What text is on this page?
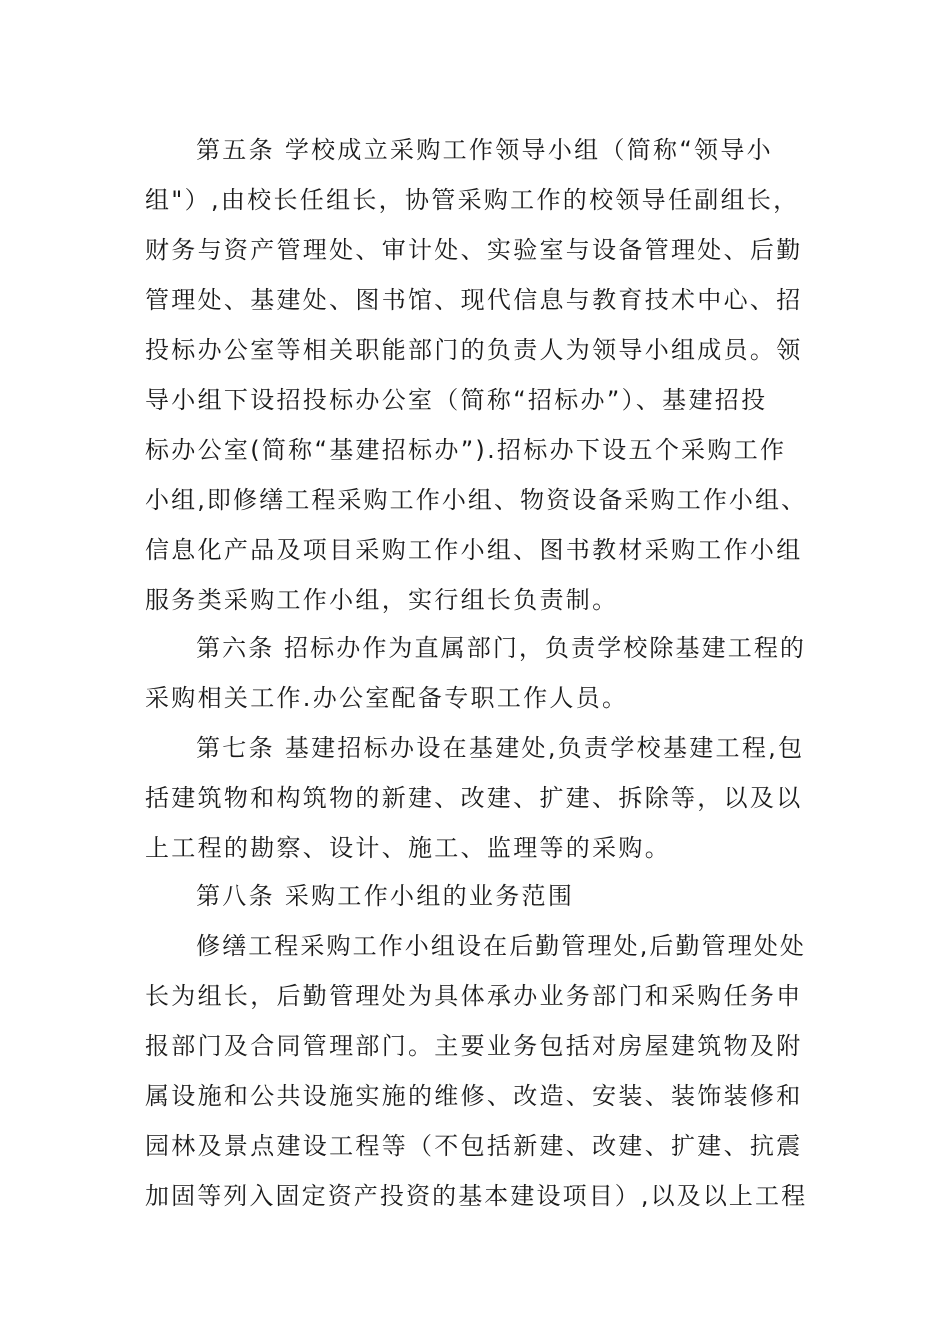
第五条 学校成立采购工作领导小组（简称“领导小
组"）,由校长任组长，协管采购工作的校领导任副组长，
财务与资产管理处、审计处、实验室与设备管理处、后勤
管理处、基建处、图书馆、现代信息与教育技术中心、招
投标办公室等相关职能部门的负责人为领导小组成员。领
导小组下设招投标办公室（简称“招标办”）、基建招投
标办公室(简称“基建招标办”).招标办下设五个采购工作
小组,即修缮工程采购工作小组、物资设备采购工作小组、
信息化产品及项目采购工作小组、图书教材采购工作小组
服务类采购工作小组，实行组长负责制。
第六条 招标办作为直属部门，负责学校除基建工程的
采购相关工作.办公室配备专职工作人员。
第七条 基建招标办设在基建处,负责学校基建工程,包
括建筑物和构筑物的新建、改建、扩建、拆除等，以及以
上工程的勘察、设计、施工、监理等的采购。
第八条 采购工作小组的业务范围
修缮工程采购工作小组设在后勤管理处,后勤管理处处
长为组长，后勤管理处为具体承办业务部门和采购任务申
报部门及合同管理部门。主要业务包括对房屋建筑物及附
属设施和公共设施实施的维修、改造、安装、装饰装修和
园林及景点建设工程等（不包括新建、改建、扩建、抗震
加固等列入固定资产投资的基本建设项目）,以及以上工程
